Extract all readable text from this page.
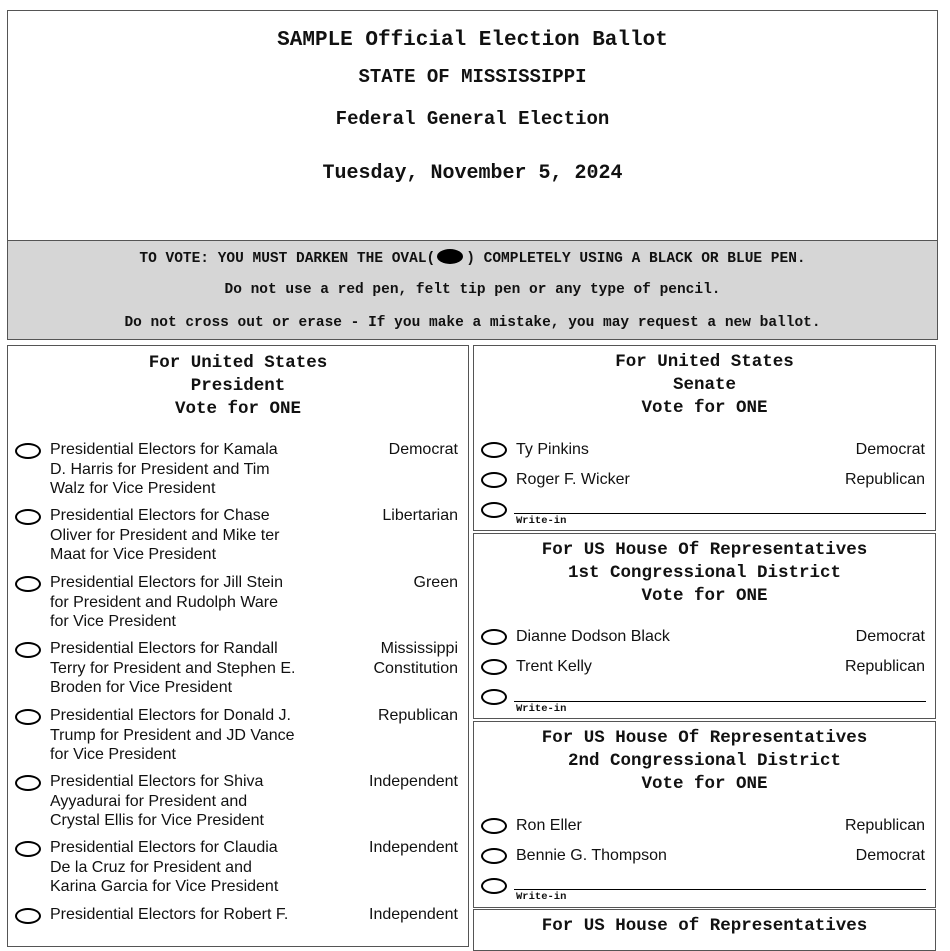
SAMPLE Official Election Ballot
STATE OF MISSISSIPPI
Federal General Election
Tuesday, November 5, 2024
TO VOTE: YOU MUST DARKEN THE OVAL( ) COMPLETELY USING A BLACK OR BLUE PEN.
Do not use a red pen, felt tip pen or any type of pencil.
Do not cross out or erase - If you make a mistake, you may request a new ballot.
For United States
President
Vote for ONE
Presidential Electors for Kamala
D. Harris for President and Tim
Walz for Vice President
Democrat
Presidential Electors for Chase
Oliver for President and Mike ter
Maat for Vice President
Libertarian
Presidential Electors for Jill Stein
for President and Rudolph Ware
for Vice President
Green
Presidential Electors for Randall
Terry for President and Stephen E.
Broden for Vice President
Mississippi
Constitution
Presidential Electors for Donald J.
Trump for President and JD Vance
for Vice President
Republican
Presidential Electors for Shiva
Ayyadurai for President and
Crystal Ellis for Vice President
Independent
Presidential Electors for Claudia
De la Cruz for President and
Karina Garcia for Vice President
Independent
Presidential Electors for Robert F.	Independent
For United States
Senate
Vote for ONE
Ty Pinkins	Democrat
Roger F. Wicker	Republican
Write-in
For US House Of Representatives
1st Congressional District
Vote for ONE
Dianne Dodson Black	Democrat
Trent Kelly	Republican
Write-in
For US House Of Representatives
2nd Congressional District
Vote for ONE
Ron Eller	Republican
Bennie G. Thompson	Democrat
Write-in
For US House of Representatives
